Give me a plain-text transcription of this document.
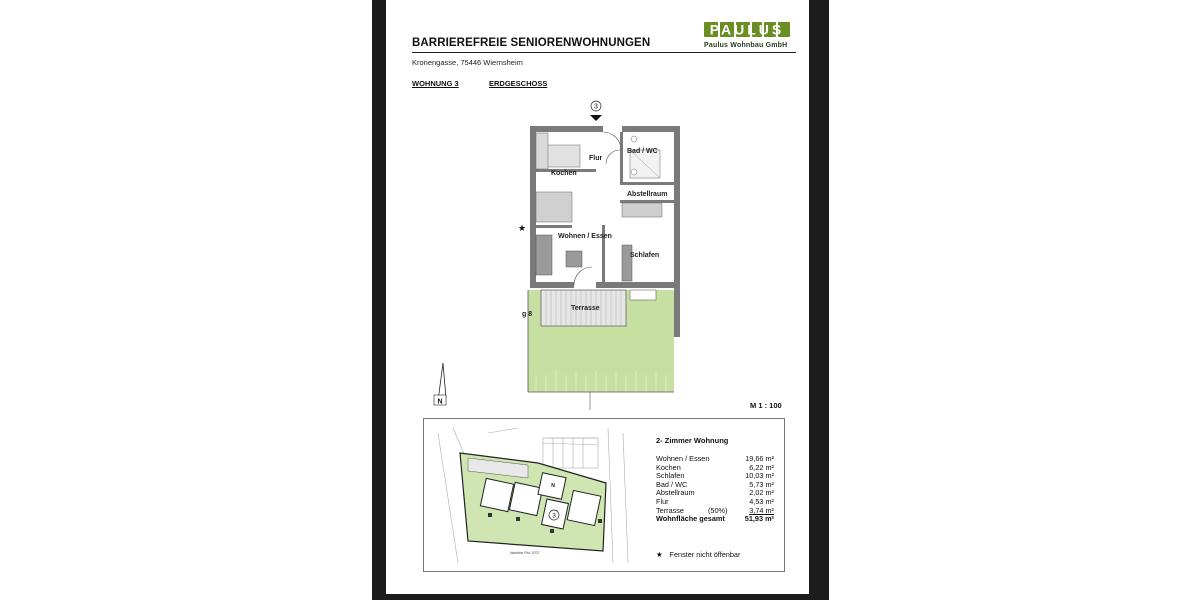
BARRIEREFREIE SENIORENWOHNUNGEN
Kronengasse, 75446 Wiernsheim
WOHNUNG 3	ERDGESCHOSS
PAULUS
Paulus Wohnbau GmbH
M 1 : 100
3
N
Nachbar Flst. 5707
2- Zimmer Wohnung
Wohnen / Essen	19,66 m²
Kochen	6,22 m²
Schlafen	10,03 m²
Bad / WC	5,73 m²
Abstellraum	2,02 m²
Flur	4,53 m²
Terrasse	(50%)	3,74 m²
Wohnfläche gesamt	51,93 m²
★ Fenster nicht öffenbar
3
★
Flur
Bad / WC
Kochen
Abstellraum
Wohnen / Essen
Schlafen
Terrasse
g 8
N
